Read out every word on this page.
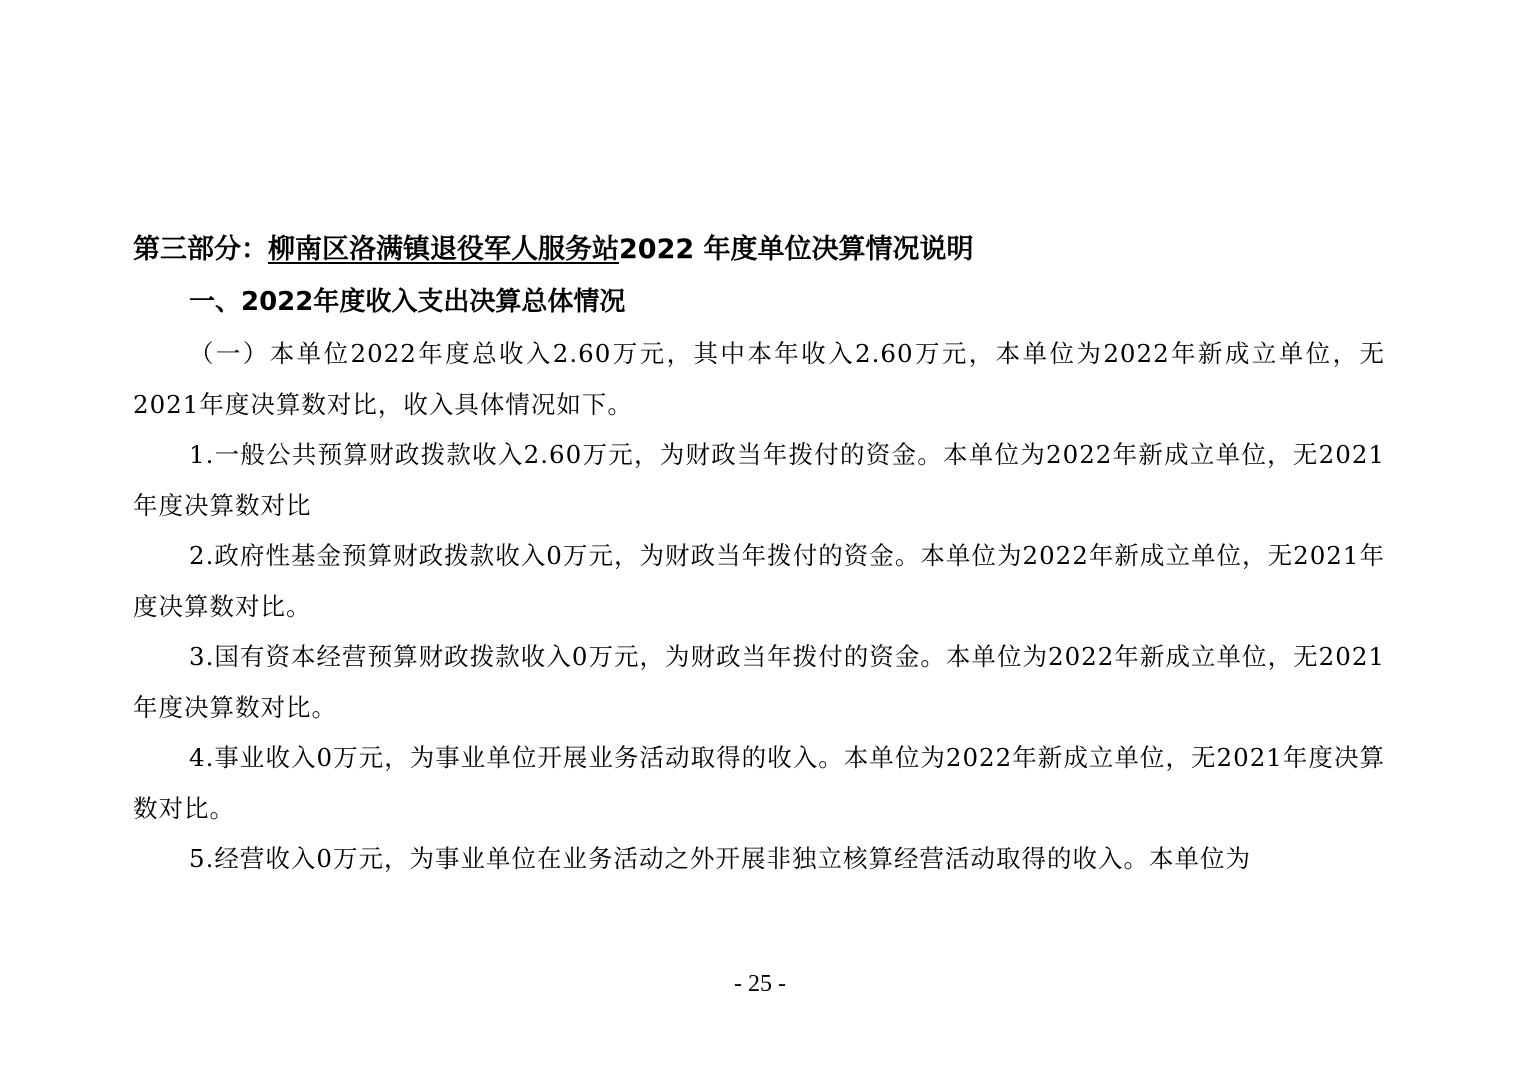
第三部分：柳南区洛满镇退役军人服务站2022 年度单位决算情况说明
一、2022年度收入支出决算总体情况
（一）本单位2022年度总收入2.60万元，其中本年收入2.60万元，本单位为2022年新成立单位，无2021年度决算数对比，收入具体情况如下。
1.一般公共预算财政拨款收入2.60万元，为财政当年拨付的资金。本单位为2022年新成立单位，无2021年度决算数对比
2.政府性基金预算财政拨款收入0万元，为财政当年拨付的资金。本单位为2022年新成立单位，无2021年度决算数对比。
3.国有资本经营预算财政拨款收入0万元，为财政当年拨付的资金。本单位为2022年新成立单位，无2021年度决算数对比。
4.事业收入0万元，为事业单位开展业务活动取得的收入。本单位为2022年新成立单位，无2021年度决算数对比。
5.经营收入0万元，为事业单位在业务活动之外开展非独立核算经营活动取得的收入。本单位为
- 25 -
